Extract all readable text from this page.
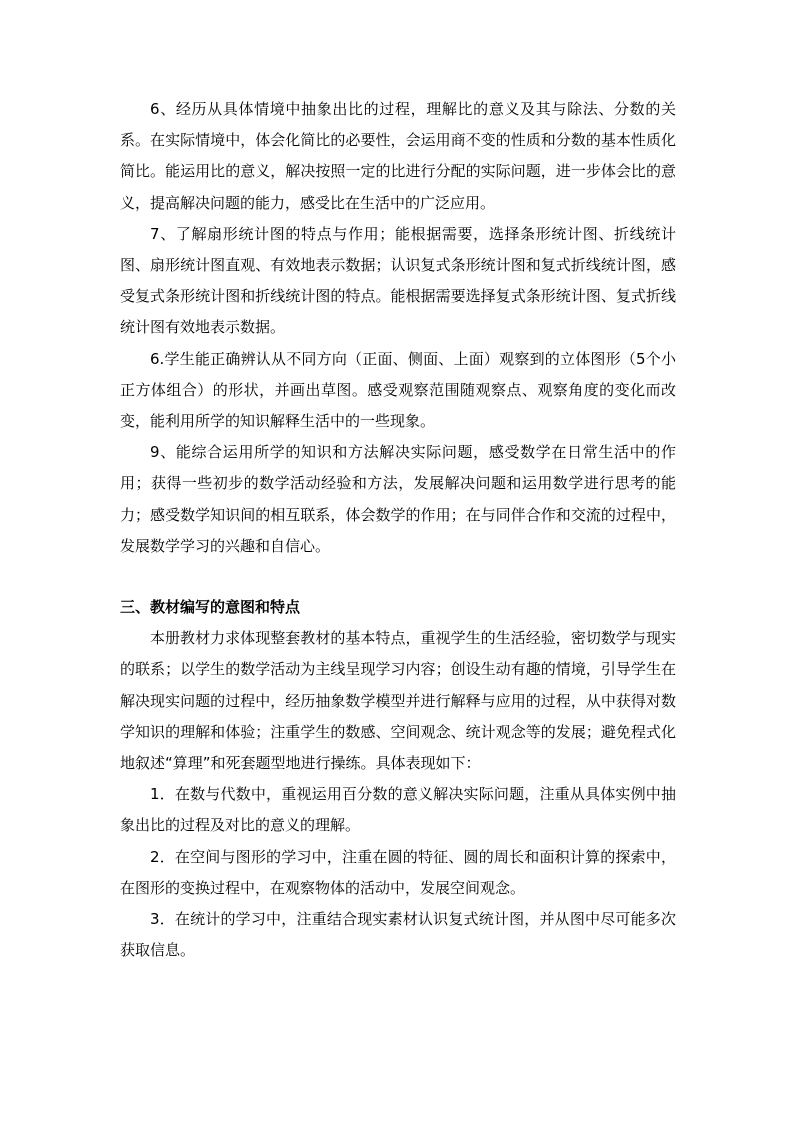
6、经历从具体情境中抽象出比的过程，理解比的意义及其与除法、分数的关系。在实际情境中，体会化简比的必要性，会运用商不变的性质和分数的基本性质化简比。能运用比的意义，解决按照一定的比进行分配的实际问题，进一步体会比的意义，提高解决问题的能力，感受比在生活中的广泛应用。

7、了解扇形统计图的特点与作用；能根据需要，选择条形统计图、折线统计图、扇形统计图直观、有效地表示数据；认识复式条形统计图和复式折线统计图，感受复式条形统计图和折线统计图的特点。能根据需要选择复式条形统计图、复式折线统计图有效地表示数据。

6.学生能正确辨认从不同方向（正面、侧面、上面）观察到的立体图形（5个小正方体组合）的形状，并画出草图。感受观察范围随观察点、观察角度的变化而改变，能利用所学的知识解释生活中的一些现象。

9、能综合运用所学的知识和方法解决实际问题，感受数学在日常生活中的作用；获得一些初步的数学活动经验和方法，发展解决问题和运用数学进行思考的能力；感受数学知识间的相互联系，体会数学的作用；在与同伴合作和交流的过程中，发展数学学习的兴趣和自信心。

三、教材编写的意图和特点

本册教材力求体现整套教材的基本特点，重视学生的生活经验，密切数学与现实的联系；以学生的数学活动为主线呈现学习内容；创设生动有趣的情境，引导学生在解决现实问题的过程中，经历抽象数学模型并进行解释与应用的过程，从中获得对数学知识的理解和体验；注重学生的数感、空间观念、统计观念等的发展；避免程式化地叙述“算理”和死套题型地进行操练。具体表现如下：

1．在数与代数中，重视运用百分数的意义解决实际问题，注重从具体实例中抽象出比的过程及对比的意义的理解。

2．在空间与图形的学习中，注重在圆的特征、圆的周长和面积计算的探索中，在图形的变换过程中，在观察物体的活动中，发展空间观念。

3．在统计的学习中，注重结合现实素材认识复式统计图，并从图中尽可能多次获取信息。
